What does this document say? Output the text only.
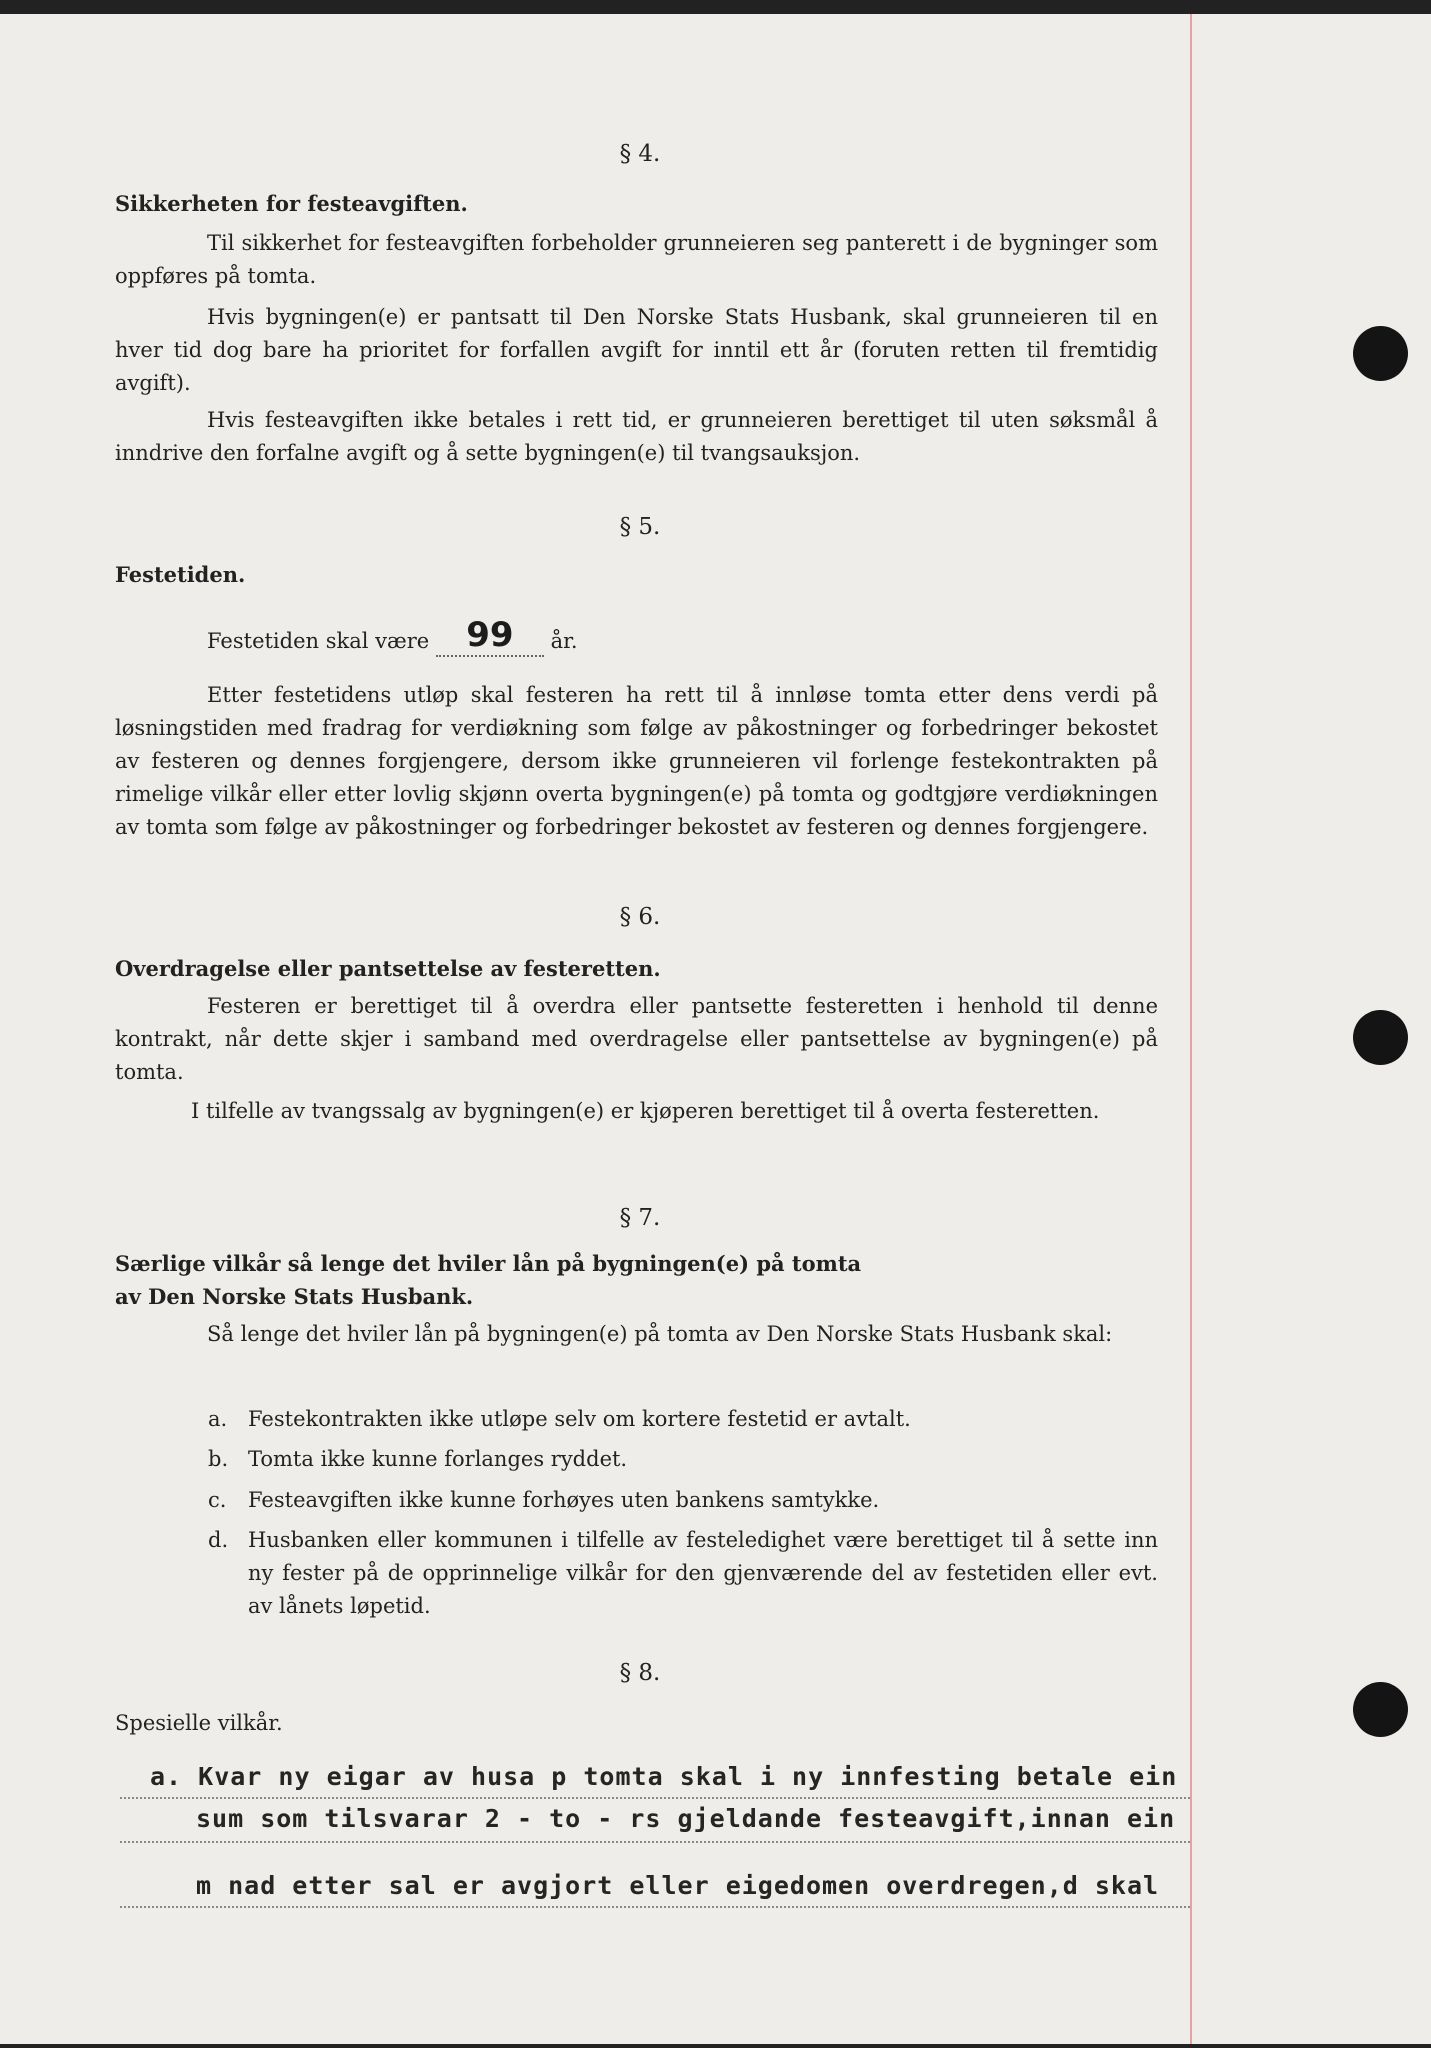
§ 4.
Sikkerheten for festeavgiften.

Til sikkerhet for festeavgiften forbeholder grunneieren seg panterett i de bygninger som oppføres på tomta.

Hvis bygningen(e) er pantsatt til Den Norske Stats Husbank, skal grunneieren til en hver tid dog bare ha prioritet for forfallen avgift for inntil ett år (foruten retten til fremtidig avgift).

Hvis festeavgiften ikke betales i rett tid, er grunneieren berettiget til uten søksmål å inndrive den forfalne avgift og å sette bygningen(e) til tvangsauksjon.

§ 5.
Festetiden.
Festetiden skal være 99 år.

Etter festetidens utløp skal festeren ha rett til å innløse tomta etter dens verdi på løsningstiden med fradrag for verdiøkning som følge av påkostninger og forbedringer bekostet av festeren og dennes forgjengere, dersom ikke grunneieren vil forlenge festekontrakten på rimelige vilkår eller etter lovlig skjønn overta bygningen(e) på tomta og godtgjøre verdiøkningen av tomta som følge av påkostninger og forbedringer bekostet av festeren og dennes forgjengere.

§ 6.
Overdragelse eller pantsettelse av festeretten.

Festeren er berettiget til å overdra eller pantsette festeretten i henhold til denne kontrakt, når dette skjer i samband med overdragelse eller pantsettelse av bygningen(e) på tomta.

I tilfelle av tvangssalg av bygningen(e) er kjøperen berettiget til å overta festeretten.

§ 7.
Særlige vilkår så lenge det hviler lån på bygningen(e) på tomta
av Den Norske Stats Husbank.

Så lenge det hviler lån på bygningen(e) på tomta av Den Norske Stats Husbank skal:

a. Festekontrakten ikke utløpe selv om kortere festetid er avtalt.
b. Tomta ikke kunne forlanges ryddet.
c. Festeavgiften ikke kunne forhøyes uten bankens samtykke.
d. Husbanken eller kommunen i tilfelle av festeledighet være berettiget til å sette inn ny fester på de opprinnelige vilkår for den gjenværende del av festetiden eller evt. av lånets løpetid.
§ 8.
Spesielle vilkår.
a. Kvar ny eigar av husa p tomta skal i ny innfesting betale ein
sum som tilsvarar 2 - to - rs gjeldande festeavgift,innan ein
m nad etter sal er avgjort eller eigedomen overdregen,d skal
